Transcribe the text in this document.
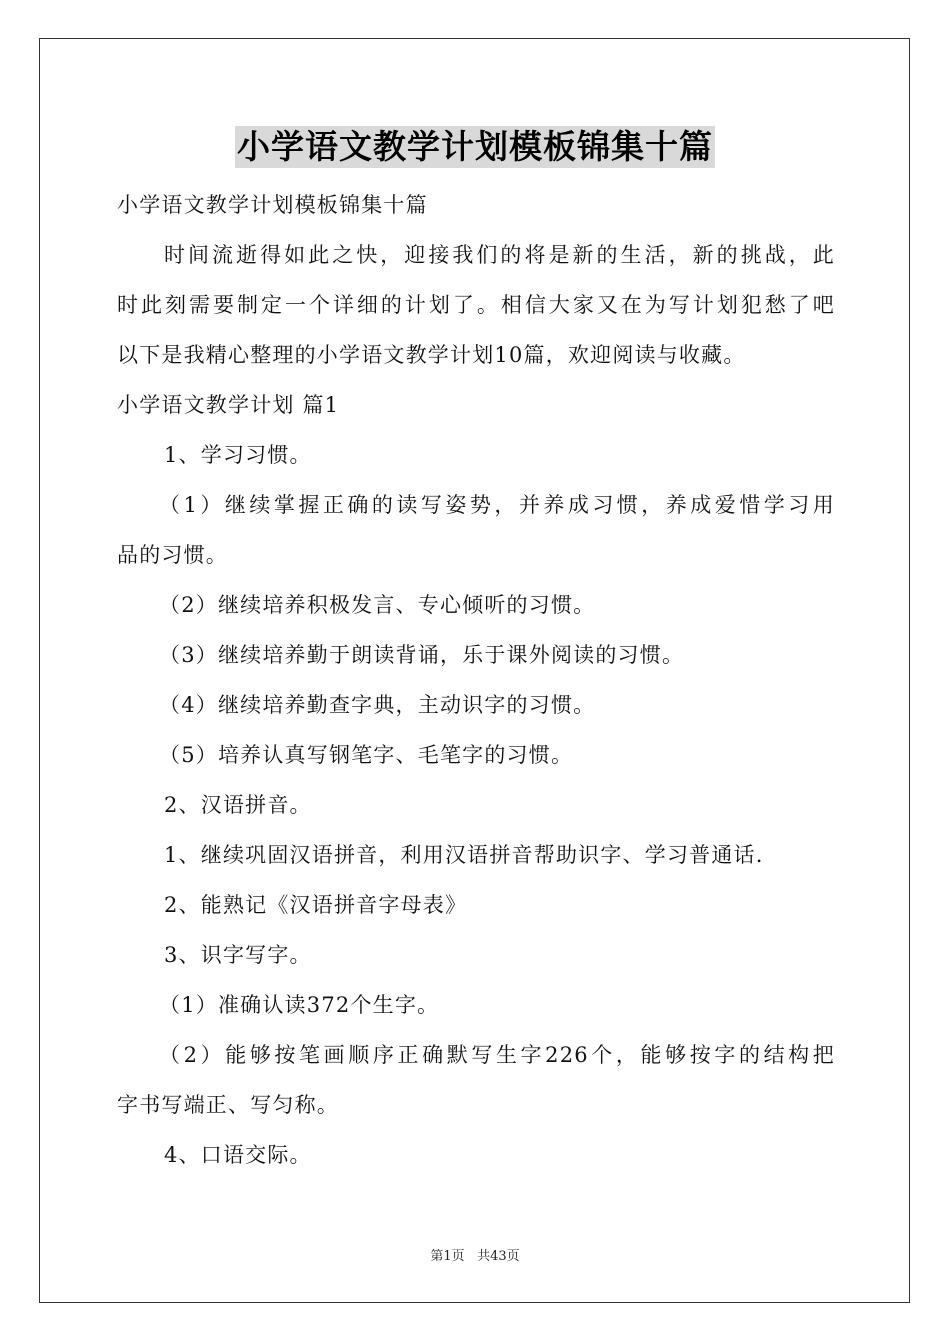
小学语文教学计划模板锦集十篇
小学语文教学计划模板锦集十篇
时间流逝得如此之快，迎接我们的将是新的生活，新的挑战，此
时此刻需要制定一个详细的计划了。相信大家又在为写计划犯愁了吧
以下是我精心整理的小学语文教学计划10篇，欢迎阅读与收藏。
小学语文教学计划 篇1
1、学习习惯。
（1）继续掌握正确的读写姿势，并养成习惯，养成爱惜学习用
品的习惯。
（2）继续培养积极发言、专心倾听的习惯。
（3）继续培养勤于朗读背诵，乐于课外阅读的习惯。
（4）继续培养勤查字典，主动识字的习惯。
（5）培养认真写钢笔字、毛笔字的习惯。
2、汉语拼音。
1、继续巩固汉语拼音，利用汉语拼音帮助识字、学习普通话.
2、能熟记《汉语拼音字母表》
3、识字写字。
（1）准确认读372个生字。
（2）能够按笔画顺序正确默写生字226个，能够按字的结构把
字书写端正、写匀称。
4、口语交际。
第1页 共43页
